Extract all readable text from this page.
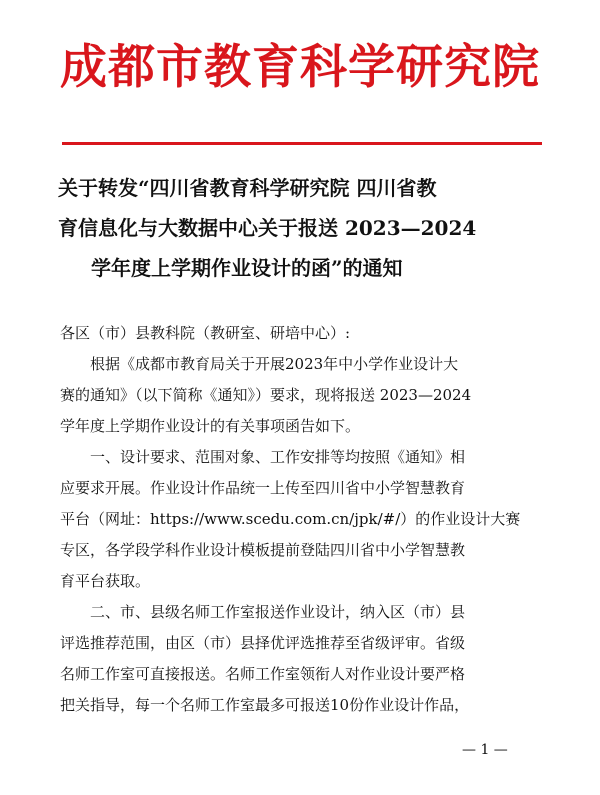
成都市教育科学研究院
关于转发“四川省教育科学研究院 四川省教
育信息化与大数据中心关于报送 2023—2024
学年度上学期作业设计的函”的通知
各区（市）县教科院（教研室、研培中心）:
根据《成都市教育局关于开展2023年中小学作业设计大
赛的通知》（以下简称《通知》）要求，现将报送 2023—2024
学年度上学期作业设计的有关事项函告如下。
一、设计要求、范围对象、工作安排等均按照《通知》相
应要求开展。作业设计作品统一上传至四川省中小学智慧教育
平台（网址：https://www.scedu.com.cn/jpk/#/）的作业设计大赛
专区，各学段学科作业设计模板提前登陆四川省中小学智慧教
育平台获取。
二、市、县级名师工作室报送作业设计，纳入区（市）县
评选推荐范围，由区（市）县择优评选推荐至省级评审。省级
名师工作室可直接报送。名师工作室领衔人对作业设计要严格
把关指导，每一个名师工作室最多可报送10份作业设计作品，
— 1 —
